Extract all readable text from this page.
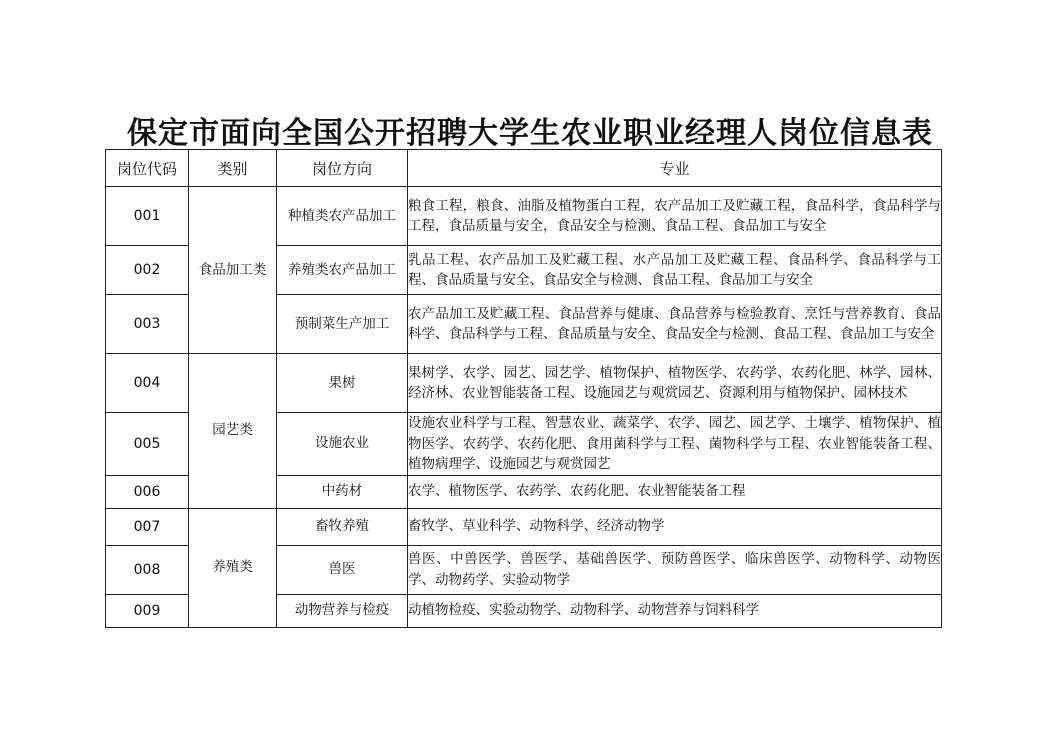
保定市面向全国公开招聘大学生农业职业经理人岗位信息表
岗位代码	类别	岗位方向	专业
001	食品加工类	种植类农产品加工	粮食工程，粮食、油脂及植物蛋白工程，农产品加工及贮藏工程，食品科学，食品科学与工程，食品质量与安全，食品安全与检测、食品工程、食品加工与安全
002		养殖类农产品加工	乳品工程、农产品加工及贮藏工程、水产品加工及贮藏工程、食品科学、食品科学与工程、食品质量与安全、食品安全与检测、食品工程、食品加工与安全
003		预制菜生产加工	农产品加工及贮藏工程、食品营养与健康、食品营养与检验教育、烹饪与营养教育、食品科学、食品科学与工程、食品质量与安全、食品安全与检测、食品工程、食品加工与安全
004	园艺类	果树	果树学、农学、园艺、园艺学、植物保护、植物医学、农药学、农药化肥、林学、园林、经济林、农业智能装备工程、设施园艺与观赏园艺、资源利用与植物保护、园林技术
005		设施农业	设施农业科学与工程、智慧农业、蔬菜学、农学、园艺、园艺学、土壤学、植物保护、植物医学、农药学、农药化肥、食用菌科学与工程、菌物科学与工程、农业智能装备工程、植物病理学、设施园艺与观赏园艺
006		中药材	农学、植物医学、农药学、农药化肥、农业智能装备工程
007	养殖类	畜牧养殖	畜牧学、草业科学、动物科学、经济动物学
008		兽医	兽医、中兽医学、兽医学、基础兽医学、预防兽医学、临床兽医学、动物科学、动物医学、动物药学、实验动物学
009		动物营养与检疫	动植物检疫、实验动物学、动物科学、动物营养与饲料科学
